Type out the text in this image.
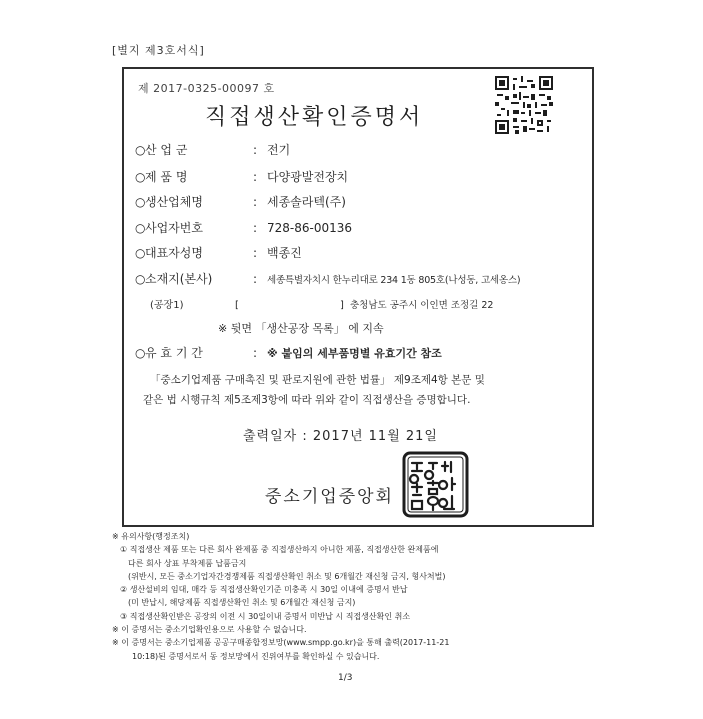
[별지 제3호서식]
제 2017-0325-00097 호
직접생산확인증명서
○ 산 업 군	: 전기
○ 제 품 명	: 다양광발전장치
○ 생산업체명	: 세종솔라텍(주)
○ 사업자번호	: 728-86-00136
○ 대표자성명	: 백종진
○ 소재지(본사)	:	세종특별자치시 한누리대로 234 1동 805호(나성동, 고세옹스)
(공장1)	[	] 충청남도 공주시 이인면 조정길 22
※ 뒷면 「생산공장 목록」 에 지속
○ 유 효 기 간	: ※ 붙임의 세부품명별 유효기간 참조
「중소기업제품 구매촉진 및 판로지원에 관한 법률」 제9조제4항 본문 및
같은 법 시행규칙 제5조제3항에 따라 위와 같이 직접생산을 증명합니다.
출력일자 : 2017년 11월 21일
중소기업중앙회
※ 유의사항(행정조치)
① 직접생산 제품 또는 다른 회사 완제품 중 직접생산하지 아니한 제품, 직접생산한 완제품에
다른 회사 상표 부착제품 납품금지
(위반시, 모든 중소기업자간경쟁제품 직접생산확인 취소 및 6개월간 재신청 금지, 형사처벌)
② 생산설비의 임대, 매각 등 직접생산확인기준 미충족 시 30일 이내에 증명서 반납
(미 반납시, 해당제품 직접생산확인 취소 및 6개월간 재신청 금지)
③ 직접생산확인받은 공장의 이전 시 30일이내 증명서 미반납 시 직접생산확인 취소
※ 이 증명서는 중소기업확인용으로 사용할 수 없습니다.
※ 이 증명서는 중소기업제품 공공구매종합정보망(www.smpp.go.kr)을 통해 출력(2017-11-21
10:18)된 증명서로서 동 정보망에서 진위여부를 확인하실 수 있습니다.
1/3
